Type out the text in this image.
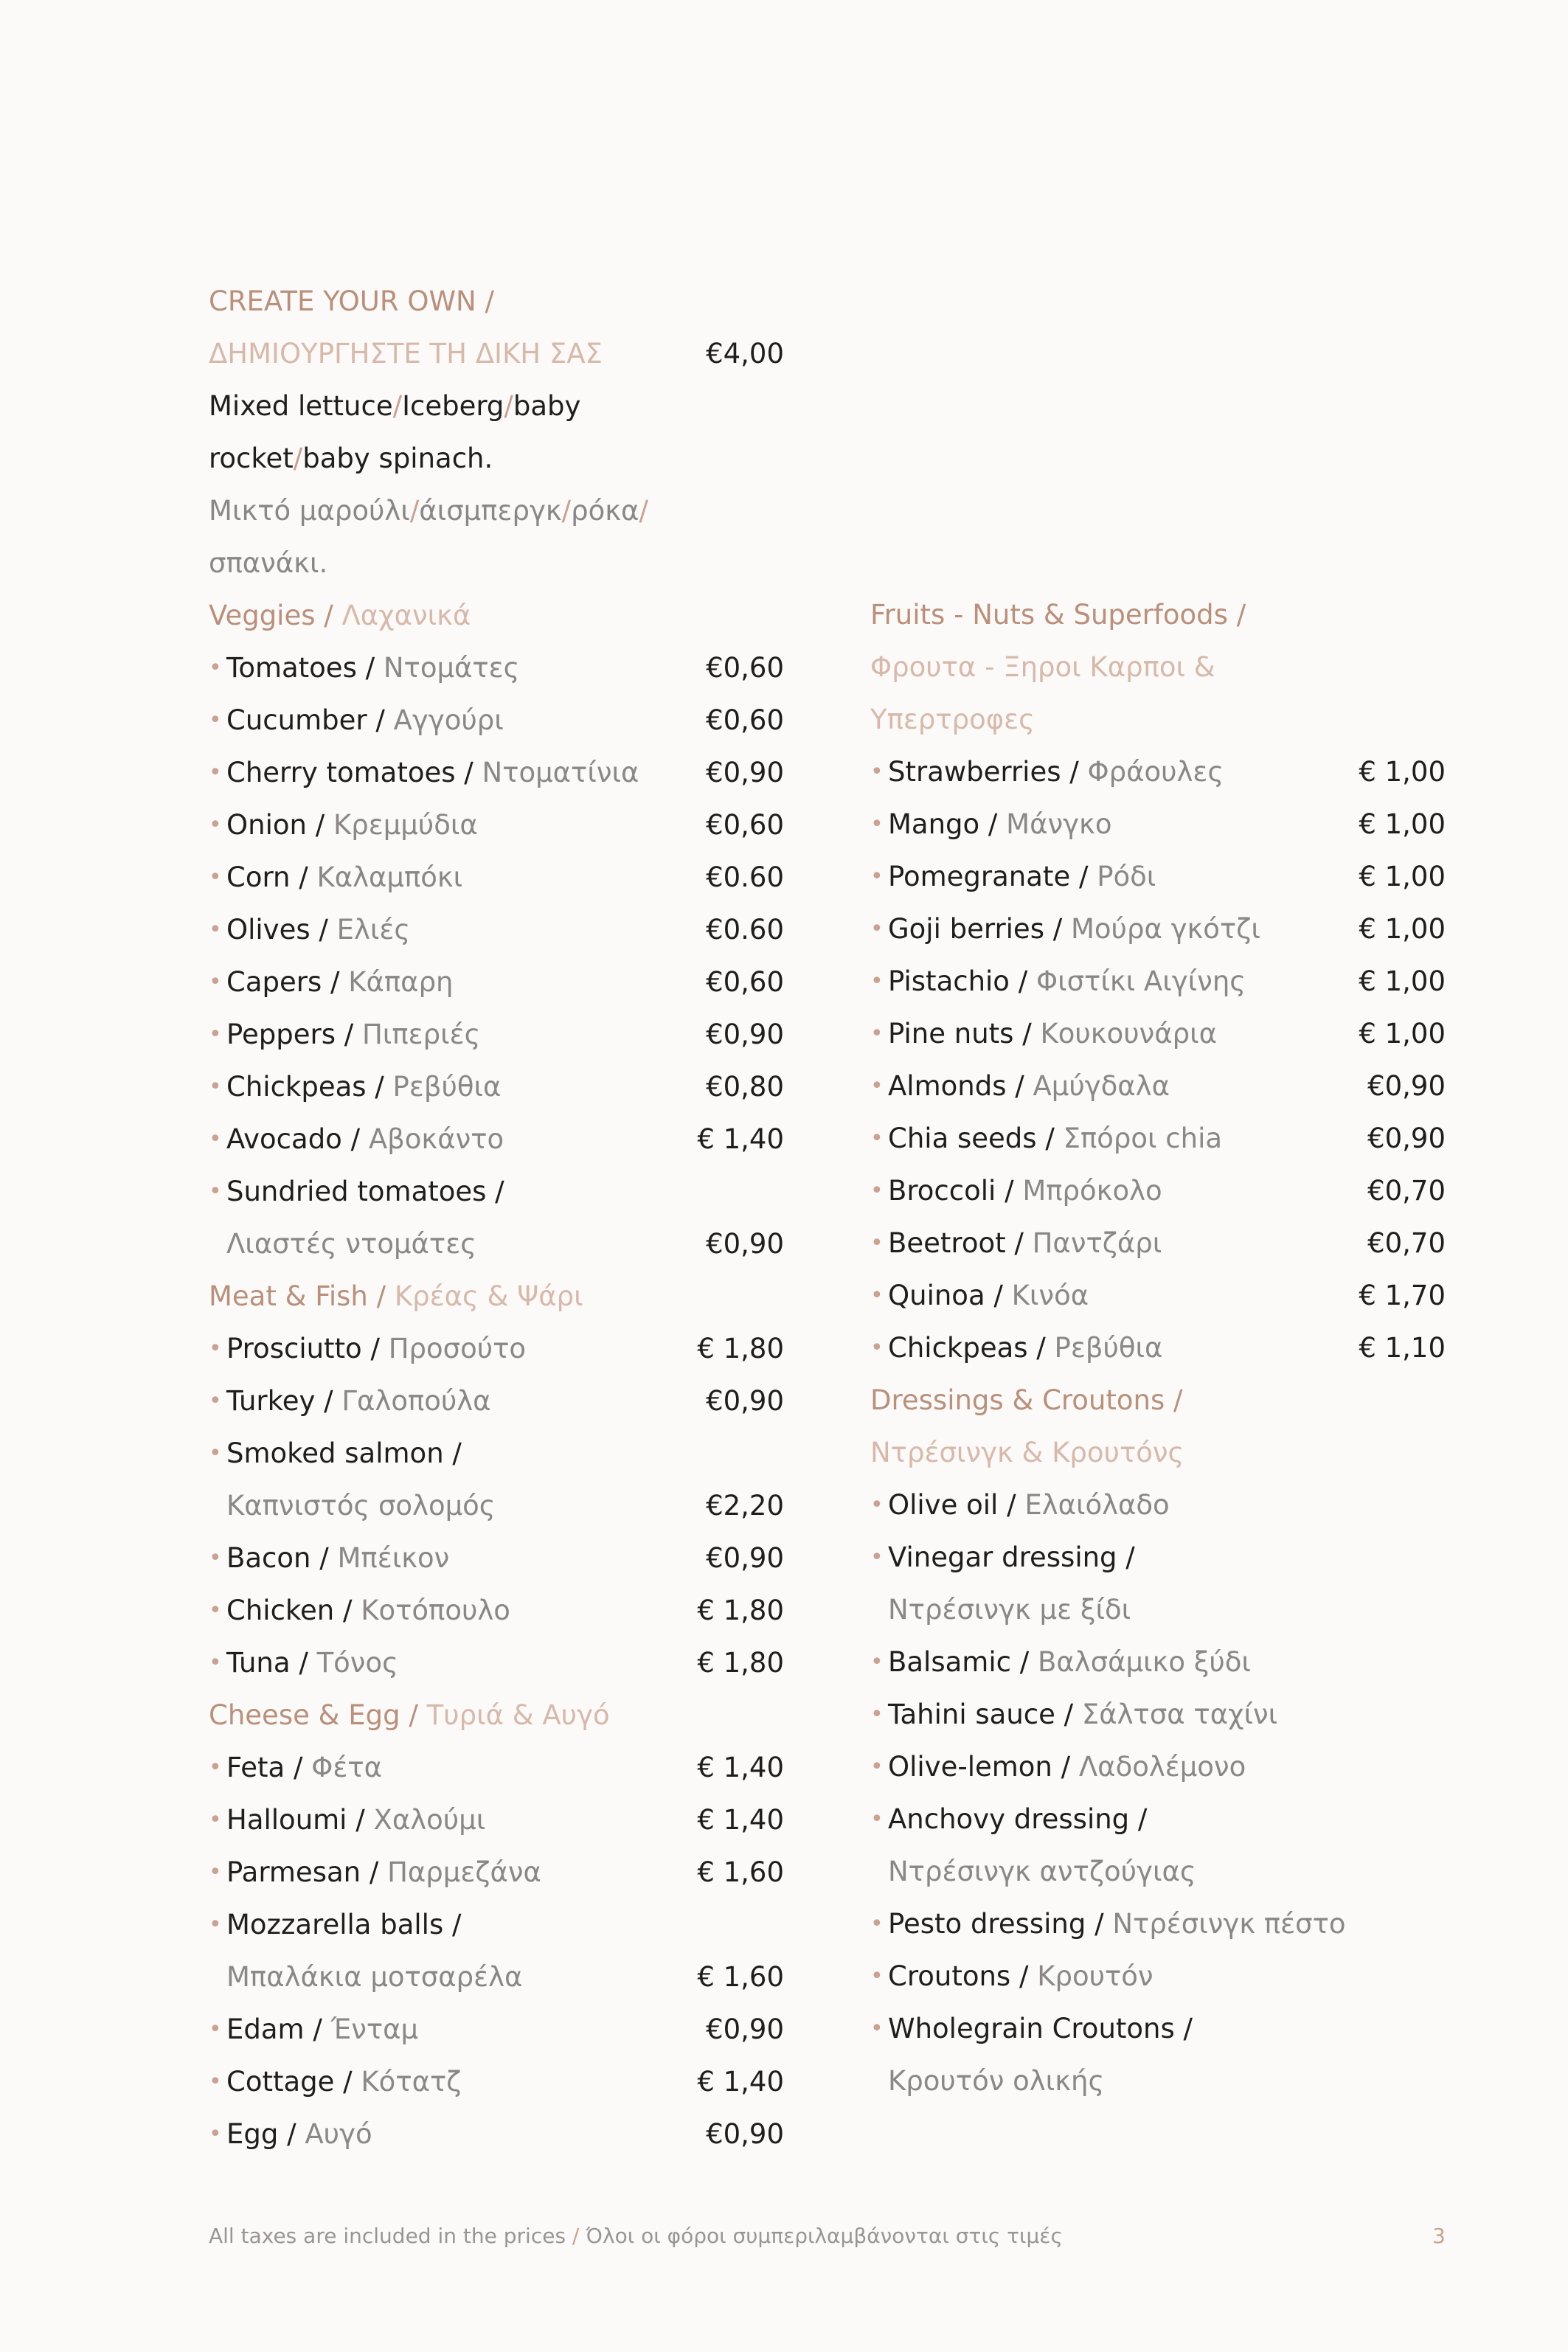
CREATE YOUR OWN /
ΔΗΜΙΟΥΡΓΗΣΤΕ ΤΗ ΔΙΚΗ ΣΑΣ	€4,00
Mixed lettuce/Iceberg/baby
rocket/baby spinach.
Μικτό μαρούλι/άισμπεργκ/ρόκα/
σπανάκι.
Veggies / Λαχανικά
• Tomatoes / Ντομάτες	€0,60
• Cucumber / Αγγούρι	€0,60
• Cherry tomatoes / Ντοματίνια €0,90
• Onion / Κρεμμύδια	€0,60
• Corn / Καλαμπόκι	€0.60
• Olives / Ελιές	€0.60
• Capers / Κάπαρη	€0,60
• Peppers / Πιπεριές	€0,90
• Chickpeas / Ρεβύθια	€0,80
• Avocado / Αβοκάντο	€ 1,40
• Sundried tomatoes /
Λιαστές ντομάτες	€0,90
Meat & Fish / Κρέας & Ψάρι
• Prosciutto / Προσούτο	€ 1,80
• Turkey / Γαλοπούλα	€0,90
• Smoked salmon /
Καπνιστός σολομός	€2,20
• Bacon / Μπέικον	€0,90
• Chicken / Κοτόπουλο	€ 1,80
• Tuna / Τόνος	€ 1,80
Cheese & Egg / Τυριά & Αυγό
• Feta / Φέτα	€ 1,40
• Halloumi / Χαλούμι	€ 1,40
• Parmesan / Παρμεζάνα	€ 1,60
• Mozzarella balls /
Μπαλάκια μοτσαρέλα	€ 1,60
• Edam / Ένταμ	€0,90
• Cottage / Κότατζ	€ 1,40
• Egg / Αυγό	€0,90
Fruits - Nuts & Superfoods /
Φρουτα - Ξηροι Καρποι &
Υπερτροφες
• Strawberries / Φράουλες	€ 1,00
• Mango / Μάνγκο	€ 1,00
• Pomegranate / Ρόδι	€ 1,00
• Goji berries / Μούρα γκότζι	€ 1,00
• Pistachio / Φιστίκι Αιγίνης	€ 1,00
• Pine nuts / Κουκουνάρια	€ 1,00
• Almonds / Αμύγδαλα	€0,90
• Chia seeds / Σπόροι chia	€0,90
• Broccoli / Μπρόκολο	€0,70
• Beetroot / Παντζάρι	€0,70
• Quinoa / Κινόα	€ 1,70
• Chickpeas / Ρεβύθια	€ 1,10
Dressings & Croutons /
Ντρέσινγκ & Κρουτόνς
• Olive oil / Ελαιόλαδο
• Vinegar dressing /
Ντρέσινγκ με ξίδι
• Balsamic / Βαλσάμικο ξύδι
• Tahini sauce / Σάλτσα ταχίνι
• Olive-lemon / Λαδολέμονο
• Anchovy dressing /
Ντρέσινγκ αντζούγιας
• Pesto dressing / Ντρέσινγκ πέστο
• Croutons / Κρουτόν
• Wholegrain Croutons /
Κρουτόν ολικής
All taxes are included in the prices / Όλοι οι φόροι συμπεριλαμβάνονται στις τιμές	3
